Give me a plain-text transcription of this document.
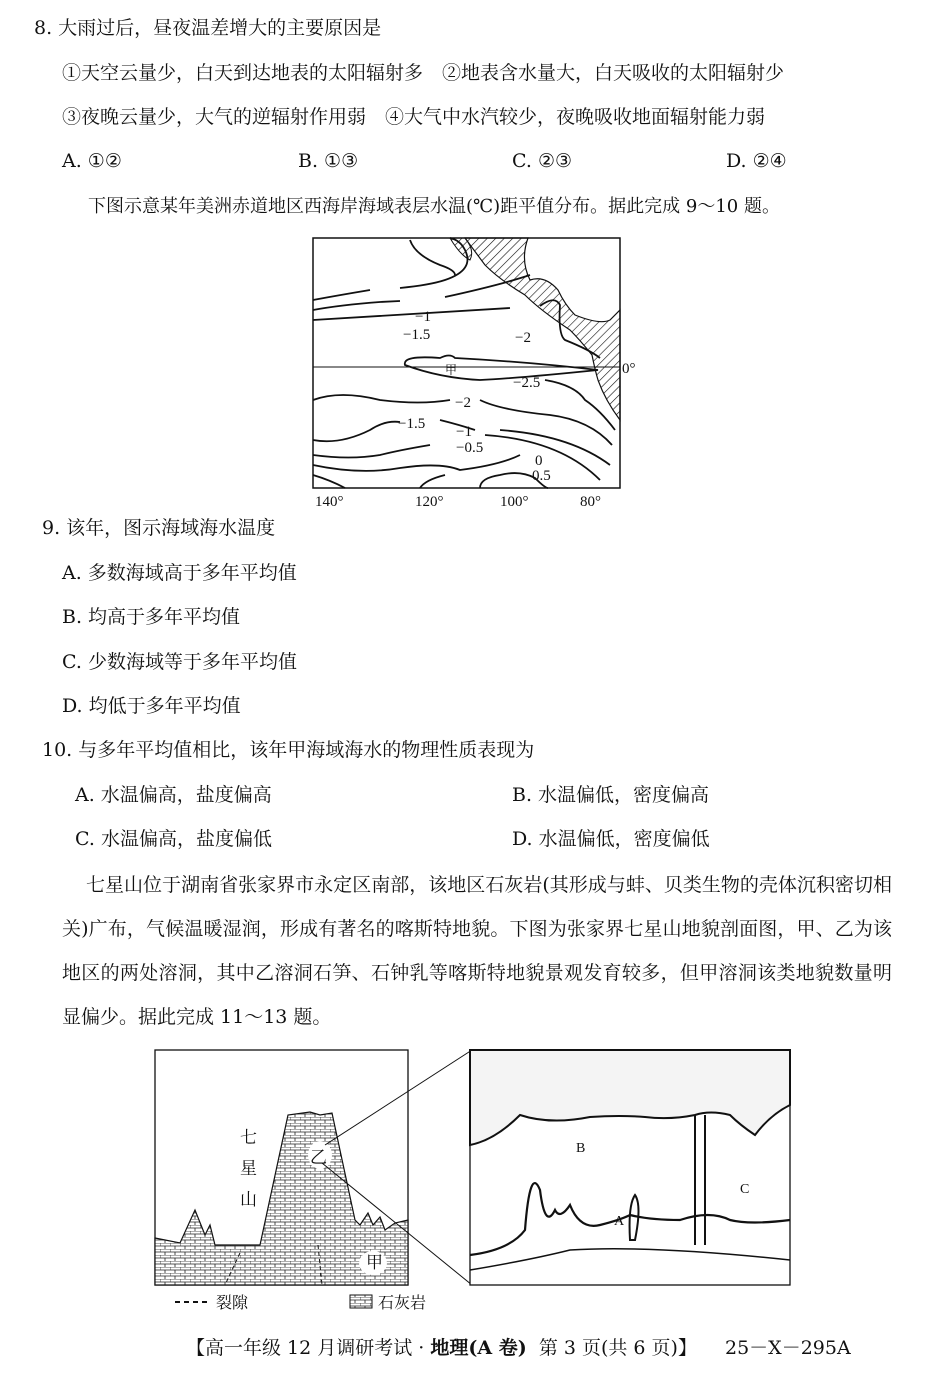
8. 大雨过后，昼夜温差增大的主要原因是
①天空云量少，白天到达地表的太阳辐射多　②地表含水量大，白天吸收的太阳辐射少
③夜晚云量少，大气的逆辐射作用弱　④大气中水汽较少，夜晚吸收地面辐射能力弱
A. ①②	B. ①③	C. ②③	D. ②④
下图示意某年美洲赤道地区西海岸海域表层水温(℃)距平值分布。据此完成 9～10 题。
−1
−1.5	−2
−2.5
−2
−1.5 −1
−0.5
0
0.5
甲	0°
140°	120°	100°	80°
9. 该年，图示海域海水温度
A. 多数海域高于多年平均值
B. 均高于多年平均值
C. 少数海域等于多年平均值
D. 均低于多年平均值
10. 与多年平均值相比，该年甲海域海水的物理性质表现为
A. 水温偏高，盐度偏高	B. 水温偏低，密度偏高
C. 水温偏高，盐度偏低	D. 水温偏低，密度偏低
七星山位于湖南省张家界市永定区南部，该地区石灰岩(其形成与蚌、贝类生物的壳体沉积密切相关)广布，气候温暖湿润，形成有著名的喀斯特地貌。下图为张家界七星山地貌剖面图，甲、乙为该地区的两处溶洞，其中乙溶洞石笋、石钟乳等喀斯特地貌景观发育较多，但甲溶洞该类地貌数量明显偏少。据此完成 11～13 题。
七
星
山
乙
甲
A
B
C
裂隙	石灰岩
【高一年级 12 月调研考试 · 地理(A 卷)  第 3 页(共 6 页)】 25－X－295A
